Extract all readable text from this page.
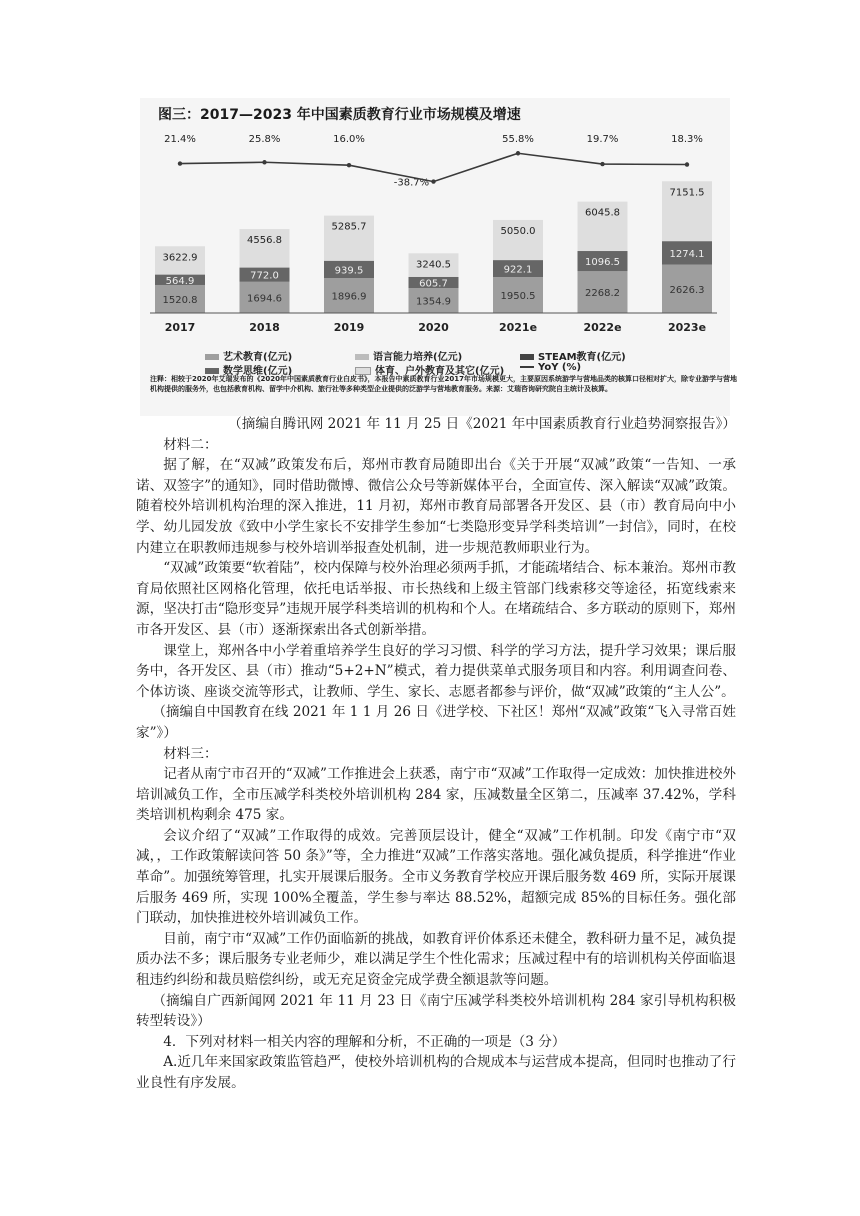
图三：2017—2023 年中国素质教育行业市场规模及增速
1520.8
564.9
3622.9
2017
21.4%
1694.6
772.0
4556.8
2018
25.8%
1896.9
939.5
5285.7
2019
16.0%
1354.9
605.7
3240.5
2020
-38.7%
1950.5
922.1
5050.0
2021e
55.8%
2268.2
1096.5
6045.8
2022e
19.7%
2626.3
1274.1
7151.5
2023e
18.3%
艺术教育(亿元)	语言能力培养(亿元)	STEAM教育(亿元)
数学思维(亿元)	体育、户外教育及其它(亿元)	YoY (%)
注释：相较于2020年艾瑞发布的《2020年中国素质教育行业白皮书》，本报告中素质教育行业2017年市场规模更大，主要原因系统游学与营地品类的核算口径相对扩大，除专业游学与营地机构提供的服务外，也包括教育机构、留学中介机构、旅行社等多种类型企业提供的泛游学与营地教育服务。来源：艾瑞咨询研究院自主统计及核算。

（摘编自腾讯网 2021 年 11 月 25 日《2021 年中国素质教育行业趋势洞察报告》）

材料二：

据了解，在“双减”政策发布后，郑州市教育局随即出台《关于开展“双减”政策“一告知、一承诺、双签字”的通知》，同时借助微博、微信公众号等新媒体平台，全面宣传、深入解读“双减”政策。随着校外培训机构治理的深入推进，11 月初，郑州市教育局部署各开发区、县（市）教育局向中小学、幼儿园发放《致中小学生家长不安排学生参加“七类隐形变异学科类培训”一封信》，同时，在校内建立在职教师违规参与校外培训举报查处机制，进一步规范教师职业行为。

“双减”政策要“软着陆”，校内保障与校外治理必须两手抓，才能疏堵结合、标本兼治。郑州市教育局依照社区网格化管理，依托电话举报、市长热线和上级主管部门线索移交等途径，拓宽线索来源，坚决打击“隐形变异”违规开展学科类培训的机构和个人。在堵疏结合、多方联动的原则下，郑州市各开发区、县（市）逐渐探索出各式创新举措。

课堂上，郑州各中小学着重培养学生良好的学习习惯、科学的学习方法，提升学习效果；课后服务中，各开发区、县（市）推动“5+2+N”模式，着力提供菜单式服务项目和内容。利用调查问卷、个体访谈、座谈交流等形式，让教师、学生、家长、志愿者都参与评价，做“双减”政策的“主人公”。

（摘编自中国教育在线 2021 年 1 1 月 26 日《进学校、下社区！郑州“双减”政策“飞入寻常百姓家”》）

材料三：

记者从南宁市召开的“双减”工作推进会上获悉，南宁市“双减”工作取得一定成效：加快推进校外培训减负工作，全市压减学科类校外培训机构 284 家，压减数量全区第二，压减率 37.42%，学科类培训机构剩余 475 家。

会议介绍了“双减”工作取得的成效。完善顶层设计，健全“双减”工作机制。印发《南宁市“双减，，工作政策解读问答 50 条》”等，全力推进“双减”工作落实落地。强化减负提质，科学推进“作业革命”。加强统筹管理，扎实开展课后服务。全市义务教育学校应开课后服务数 469 所，实际开展课后服务 469 所，实现 100%全覆盖，学生参与率达 88.52%，超额完成 85%的目标任务。强化部门联动，加快推进校外培训减负工作。

目前，南宁市“双减”工作仍面临新的挑战，如教育评价体系还未健全，教科研力量不足，减负提质办法不多；课后服务专业老师少，难以满足学生个性化需求；压减过程中有的培训机构关停面临退租违约纠纷和裁员赔偿纠纷，或无充足资金完成学费全额退款等问题。

（摘编自广西新闻网 2021 年 11 月 23 日《南宁压减学科类校外培训机构 284 家引导机构积极转型转设》）

4．下列对材料一相关内容的理解和分析，不正确的一项是（3 分）

A.近几年来国家政策监管趋严，使校外培训机构的合规成本与运营成本提高，但同时也推动了行业良性有序发展。
